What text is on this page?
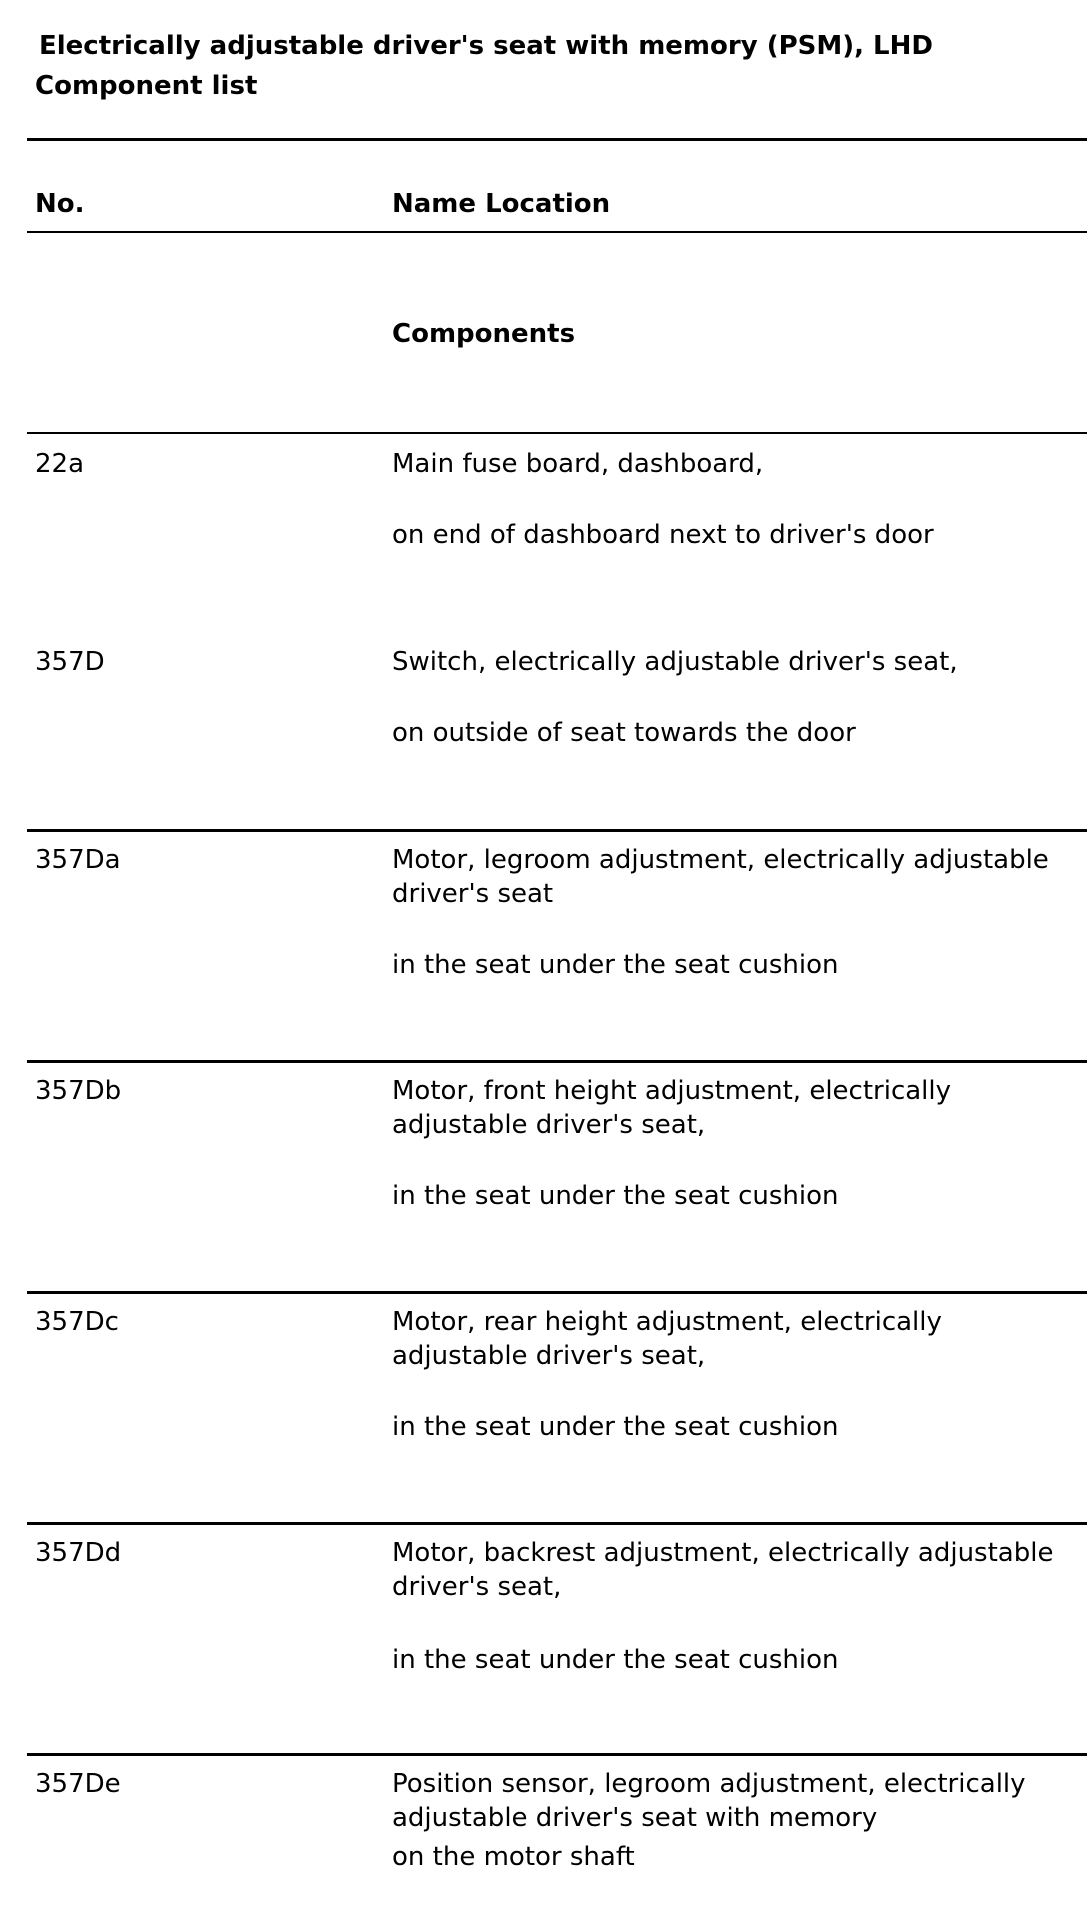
Electrically adjustable driver's seat with memory (PSM), LHD
Component list
No.	Name Location
Components
22a	Main fuse board, dashboard,
on end of dashboard next to driver's door
357D	Switch, electrically adjustable driver's seat,
on outside of seat towards the door
357Da	Motor, legroom adjustment, electrically adjustable driver's seat
in the seat under the seat cushion
357Db	Motor, front height adjustment, electrically adjustable driver's seat,
in the seat under the seat cushion
357Dc	Motor, rear height adjustment, electrically adjustable driver's seat,
in the seat under the seat cushion
357Dd	Motor, backrest adjustment, electrically adjustable driver's seat,
in the seat under the seat cushion
357De	Position sensor, legroom adjustment, electrically adjustable driver's seat with memory
on the motor shaft
